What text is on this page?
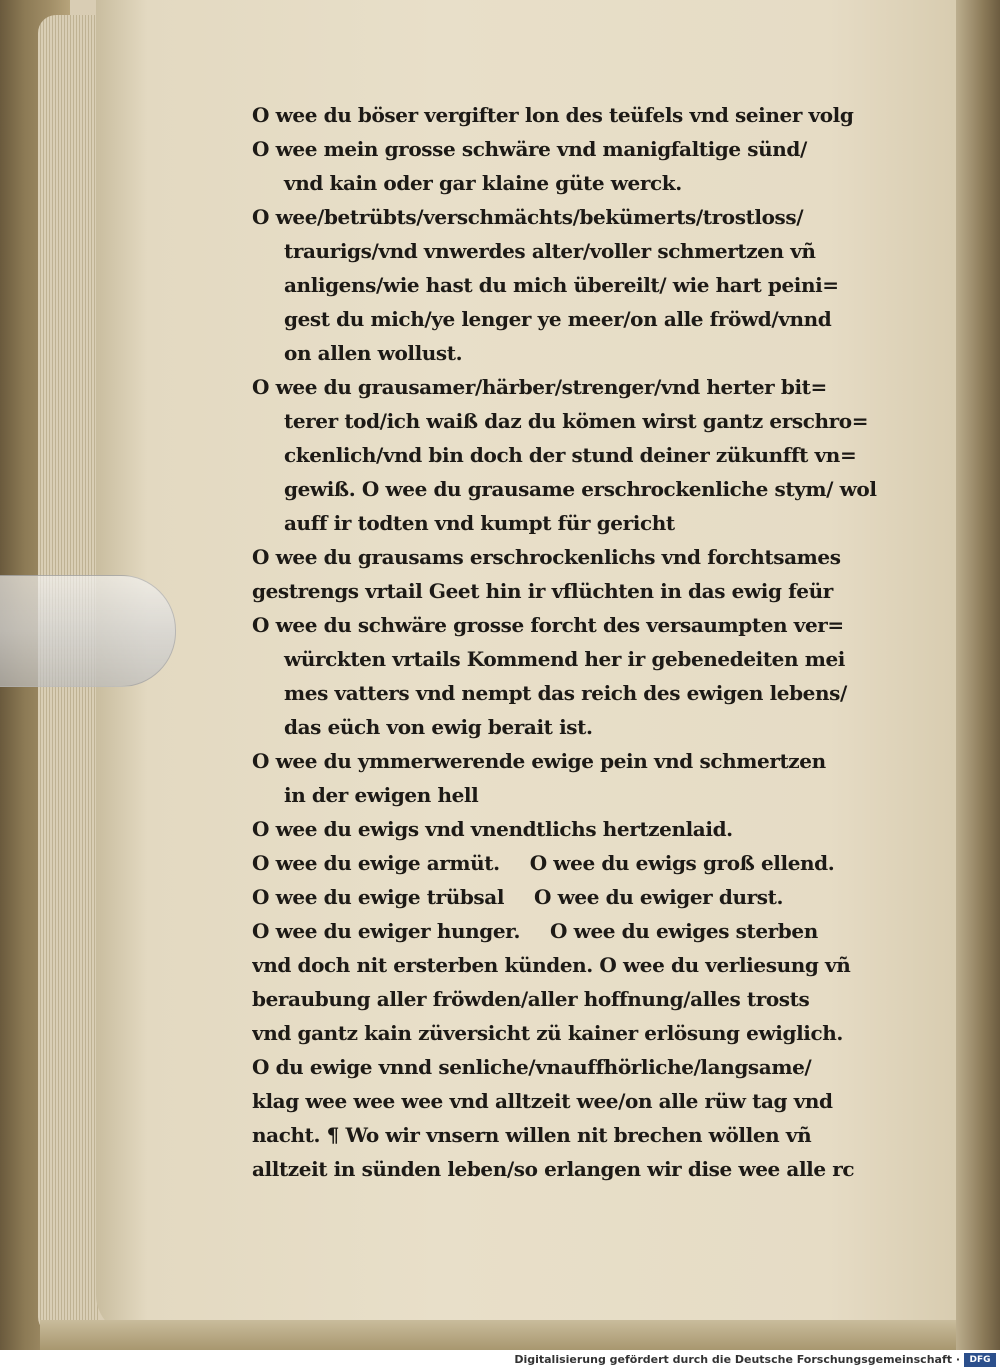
O wee du böser vergifter lon des teüfels vnd seiner volg
O wee mein grosse schwäre vnd manigfaltige sünd/
vnd kain oder gar klaine güte werck.
O wee/betrübts/verschmächts/bekümerts/trostloss/
traurigs/vnd vnwerdes alter/voller schmertzen vñ
anligens/wie hast du mich übereilt/ wie hart peini=
gest du mich/ye lenger ye meer/on alle fröwd/vnnd
on allen wollust.
O wee du grausamer/härber/strenger/vnd herter bit=
terer tod/ich waiß daz du kömen wirst gantz erschro=
ckenlich/vnd bin doch der stund deiner zükunfft vn=
gewiß. O wee du grausame erschrockenliche stym/ wol
auff ir todten vnd kumpt für gericht
O wee du grausams erschrockenlichs vnd forchtsames
gestrengs vrtail Geet hin ir vflüchten in das ewig feür
O wee du schwäre grosse forcht des versaumpten ver=
würckten vrtails Kommend her ir gebenedeiten mei
mes vatters vnd nempt das reich des ewigen lebens/
das eüch von ewig berait ist.
O wee du ymmerwerende ewige pein vnd schmertzen
in der ewigen hell
O wee du ewigs vnd vnendtlichs hertzenlaid.
O wee du ewige armüt. O wee du ewigs groß ellend.
O wee du ewige trübsal O wee du ewiger durst.
O wee du ewiger hunger. O wee du ewiges sterben
vnd doch nit ersterben künden. O wee du verliesung vñ
beraubung aller fröwden/aller hoffnung/alles trosts
vnd gantz kain züversicht zü kainer erlösung ewiglich.
O du ewige vnnd senliche/vnauffhörliche/langsame/
klag wee wee wee vnd alltzeit wee/on alle rüw tag vnd
nacht. ¶ Wo wir vnsern willen nit brechen wöllen vñ
alltzeit in sünden leben/so erlangen wir dise wee alle rc
Digitalisierung gefördert durch die Deutsche Forschungsgemeinschaft ·	DFG
